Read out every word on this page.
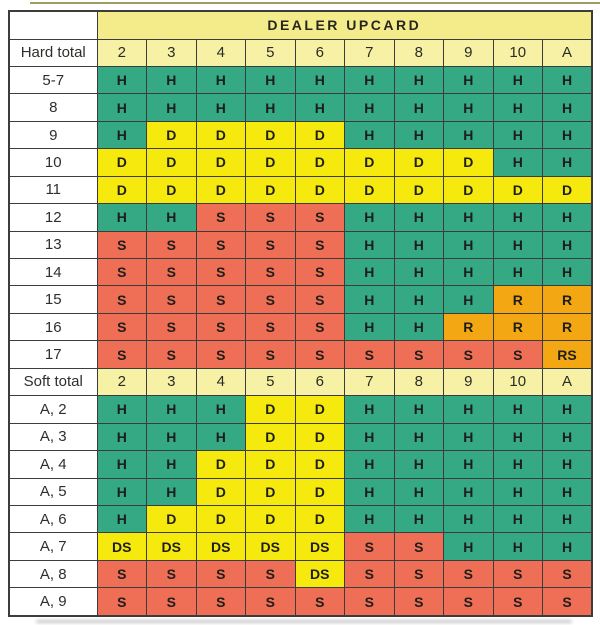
	DEALER UPCARD									
Hard total	2	3	4	5	6	7	8	9	10	A
5-7	H	H	H	H	H	H	H	H	H	H
8	H	H	H	H	H	H	H	H	H	H
9	H	D	D	D	D	H	H	H	H	H
10	D	D	D	D	D	D	D	D	H	H
11	D	D	D	D	D	D	D	D	D	D
12	H	H	S	S	S	H	H	H	H	H
13	S	S	S	S	S	H	H	H	H	H
14	S	S	S	S	S	H	H	H	H	H
15	S	S	S	S	S	H	H	H	R	R
16	S	S	S	S	S	H	H	R	R	R
17	S	S	S	S	S	S	S	S	S	RS
Soft total	2	3	4	5	6	7	8	9	10	A
A, 2	H	H	H	D	D	H	H	H	H	H
A, 3	H	H	H	D	D	H	H	H	H	H
A, 4	H	H	D	D	D	H	H	H	H	H
A, 5	H	H	D	D	D	H	H	H	H	H
A, 6	H	D	D	D	D	H	H	H	H	H
A, 7	DS	DS	DS	DS	DS	S	S	H	H	H
A, 8	S	S	S	S	DS	S	S	S	S	S
A, 9	S	S	S	S	S	S	S	S	S	S
